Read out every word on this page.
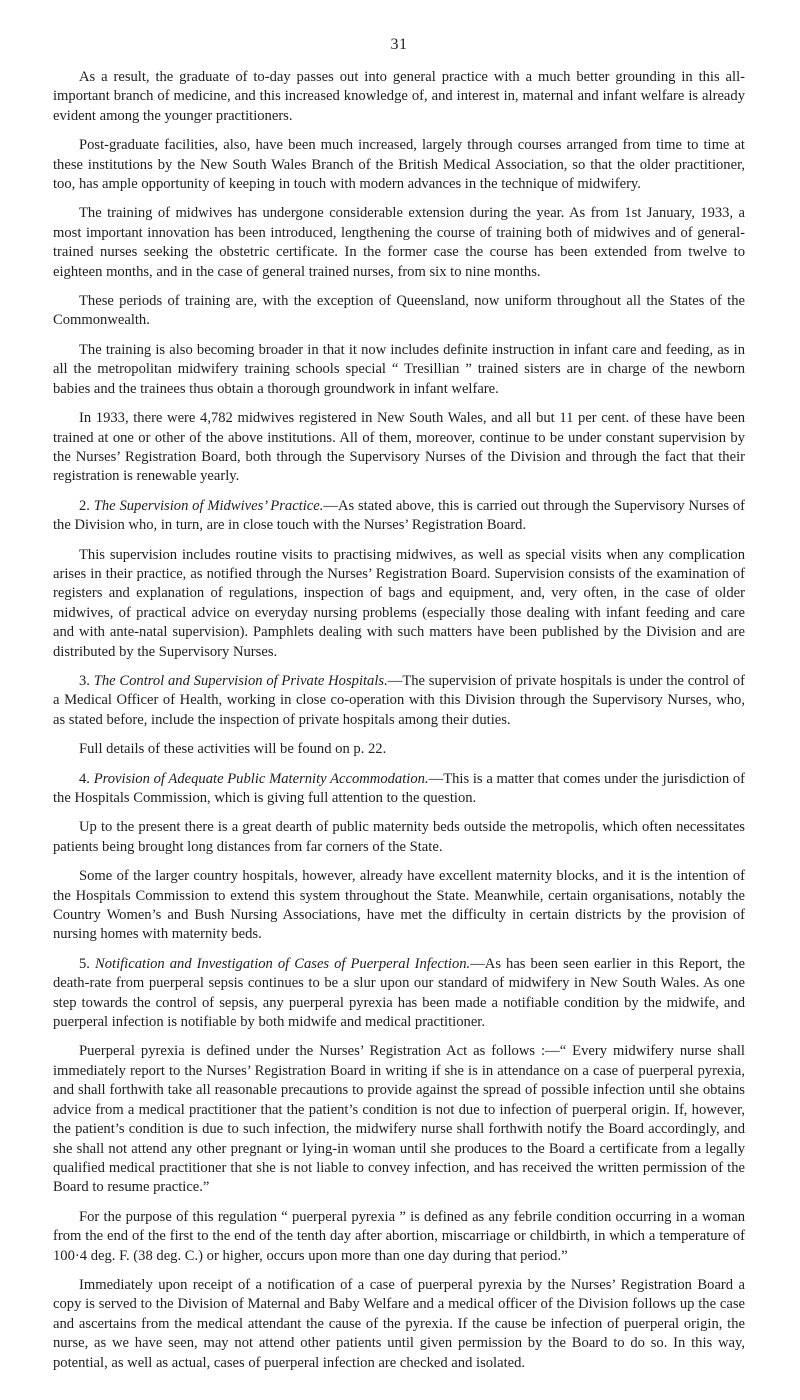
31

As a result, the graduate of to-day passes out into general practice with a much better grounding in this all-important branch of medicine, and this increased knowledge of, and interest in, maternal and infant welfare is already evident among the younger practitioners.

Post-graduate facilities, also, have been much increased, largely through courses arranged from time to time at these institutions by the New South Wales Branch of the British Medical Association, so that the older practitioner, too, has ample opportunity of keeping in touch with modern advances in the technique of midwifery.

The training of midwives has undergone considerable extension during the year. As from 1st January, 1933, a most important innovation has been introduced, lengthening the course of training both of midwives and of general-trained nurses seeking the obstetric certificate. In the former case the course has been extended from twelve to eighteen months, and in the case of general trained nurses, from six to nine months.

These periods of training are, with the exception of Queensland, now uniform throughout all the States of the Commonwealth.

The training is also becoming broader in that it now includes definite instruction in infant care and feeding, as in all the metropolitan midwifery training schools special “ Tresillian ” trained sisters are in charge of the newborn babies and the trainees thus obtain a thorough groundwork in infant welfare.

In 1933, there were 4,782 midwives registered in New South Wales, and all but 11 per cent. of these have been trained at one or other of the above institutions. All of them, moreover, continue to be under constant supervision by the Nurses’ Registration Board, both through the Supervisory Nurses of the Division and through the fact that their registration is renewable yearly.

2. The Supervision of Midwives’ Practice.—As stated above, this is carried out through the Supervisory Nurses of the Division who, in turn, are in close touch with the Nurses’ Registration Board.

This supervision includes routine visits to practising midwives, as well as special visits when any complication arises in their practice, as notified through the Nurses’ Registration Board. Supervision consists of the examination of registers and explanation of regulations, inspection of bags and equipment, and, very often, in the case of older midwives, of practical advice on everyday nursing problems (especially those dealing with infant feeding and care and with ante-natal supervision). Pamphlets dealing with such matters have been published by the Division and are distributed by the Supervisory Nurses.

3. The Control and Supervision of Private Hospitals.—The supervision of private hospitals is under the control of a Medical Officer of Health, working in close co-operation with this Division through the Supervisory Nurses, who, as stated before, include the inspection of private hospitals among their duties.

Full details of these activities will be found on p. 22.

4. Provision of Adequate Public Maternity Accommodation.—This is a matter that comes under the jurisdiction of the Hospitals Commission, which is giving full attention to the question.

Up to the present there is a great dearth of public maternity beds outside the metropolis, which often necessitates patients being brought long distances from far corners of the State.

Some of the larger country hospitals, however, already have excellent maternity blocks, and it is the intention of the Hospitals Commission to extend this system throughout the State. Meanwhile, certain organisations, notably the Country Women’s and Bush Nursing Associations, have met the difficulty in certain districts by the provision of nursing homes with maternity beds.

5. Notification and Investigation of Cases of Puerperal Infection.—As has been seen earlier in this Report, the death-rate from puerperal sepsis continues to be a slur upon our standard of midwifery in New South Wales. As one step towards the control of sepsis, any puerperal pyrexia has been made a notifiable condition by the midwife, and puerperal infection is notifiable by both midwife and medical practitioner.

Puerperal pyrexia is defined under the Nurses’ Registration Act as follows :—“ Every midwifery nurse shall immediately report to the Nurses’ Registration Board in writing if she is in attendance on a case of puerperal pyrexia, and shall forthwith take all reasonable precautions to provide against the spread of possible infection until she obtains advice from a medical practitioner that the patient’s condition is not due to infection of puerperal origin. If, however, the patient’s condition is due to such infection, the midwifery nurse shall forthwith notify the Board accordingly, and she shall not attend any other pregnant or lying-in woman until she produces to the Board a certificate from a legally qualified medical practitioner that she is not liable to convey infection, and has received the written permission of the Board to resume practice.”

For the purpose of this regulation “ puerperal pyrexia ” is defined as any febrile condition occurring in a woman from the end of the first to the end of the tenth day after abortion, miscarriage or childbirth, in which a temperature of 100·4 deg. F. (38 deg. C.) or higher, occurs upon more than one day during that period.”

Immediately upon receipt of a notification of a case of puerperal pyrexia by the Nurses’ Registration Board a copy is served to the Division of Maternal and Baby Welfare and a medical officer of the Division follows up the case and ascertains from the medical attendant the cause of the pyrexia. If the cause be infection of puerperal origin, the nurse, as we have seen, may not attend other patients until given permission by the Board to do so. In this way, potential, as well as actual, cases of puerperal infection are checked and isolated.
